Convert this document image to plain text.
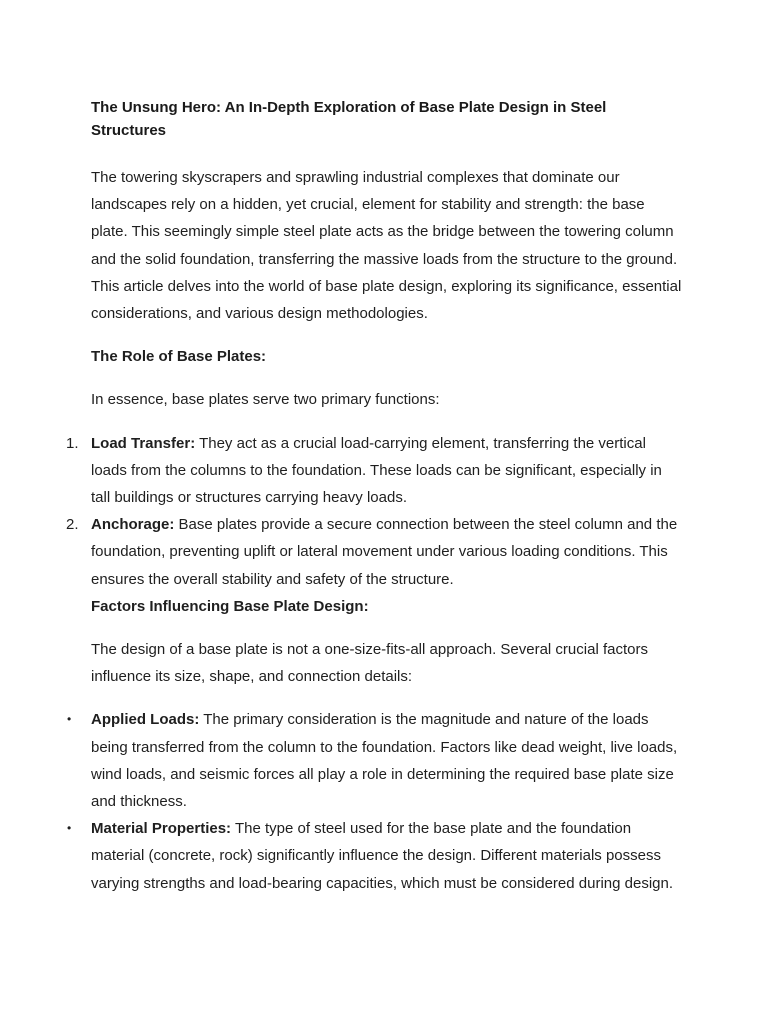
The Unsung Hero: An In-Depth Exploration of Base Plate Design in Steel Structures

The towering skyscrapers and sprawling industrial complexes that dominate our landscapes rely on a hidden, yet crucial, element for stability and strength: the base plate. This seemingly simple steel plate acts as the bridge between the towering column and the solid foundation, transferring the massive loads from the structure to the ground. This article delves into the world of base plate design, exploring its significance, essential considerations, and various design methodologies.

The Role of Base Plates:

In essence, base plates serve two primary functions:

1. Load Transfer: They act as a crucial load-carrying element, transferring the vertical loads from the columns to the foundation. These loads can be significant, especially in tall buildings or structures carrying heavy loads.
2. Anchorage: Base plates provide a secure connection between the steel column and the foundation, preventing uplift or lateral movement under various loading conditions. This ensures the overall stability and safety of the structure.
Factors Influencing Base Plate Design:

The design of a base plate is not a one-size-fits-all approach. Several crucial factors influence its size, shape, and connection details:

•	Applied Loads: The primary consideration is the magnitude and nature of the loads being transferred from the column to the foundation. Factors like dead weight, live loads, wind loads, and seismic forces all play a role in determining the required base plate size and thickness.
•	Material Properties: The type of steel used for the base plate and the foundation material (concrete, rock) significantly influence the design. Different materials possess varying strengths and load-bearing capacities, which must be considered during design.
